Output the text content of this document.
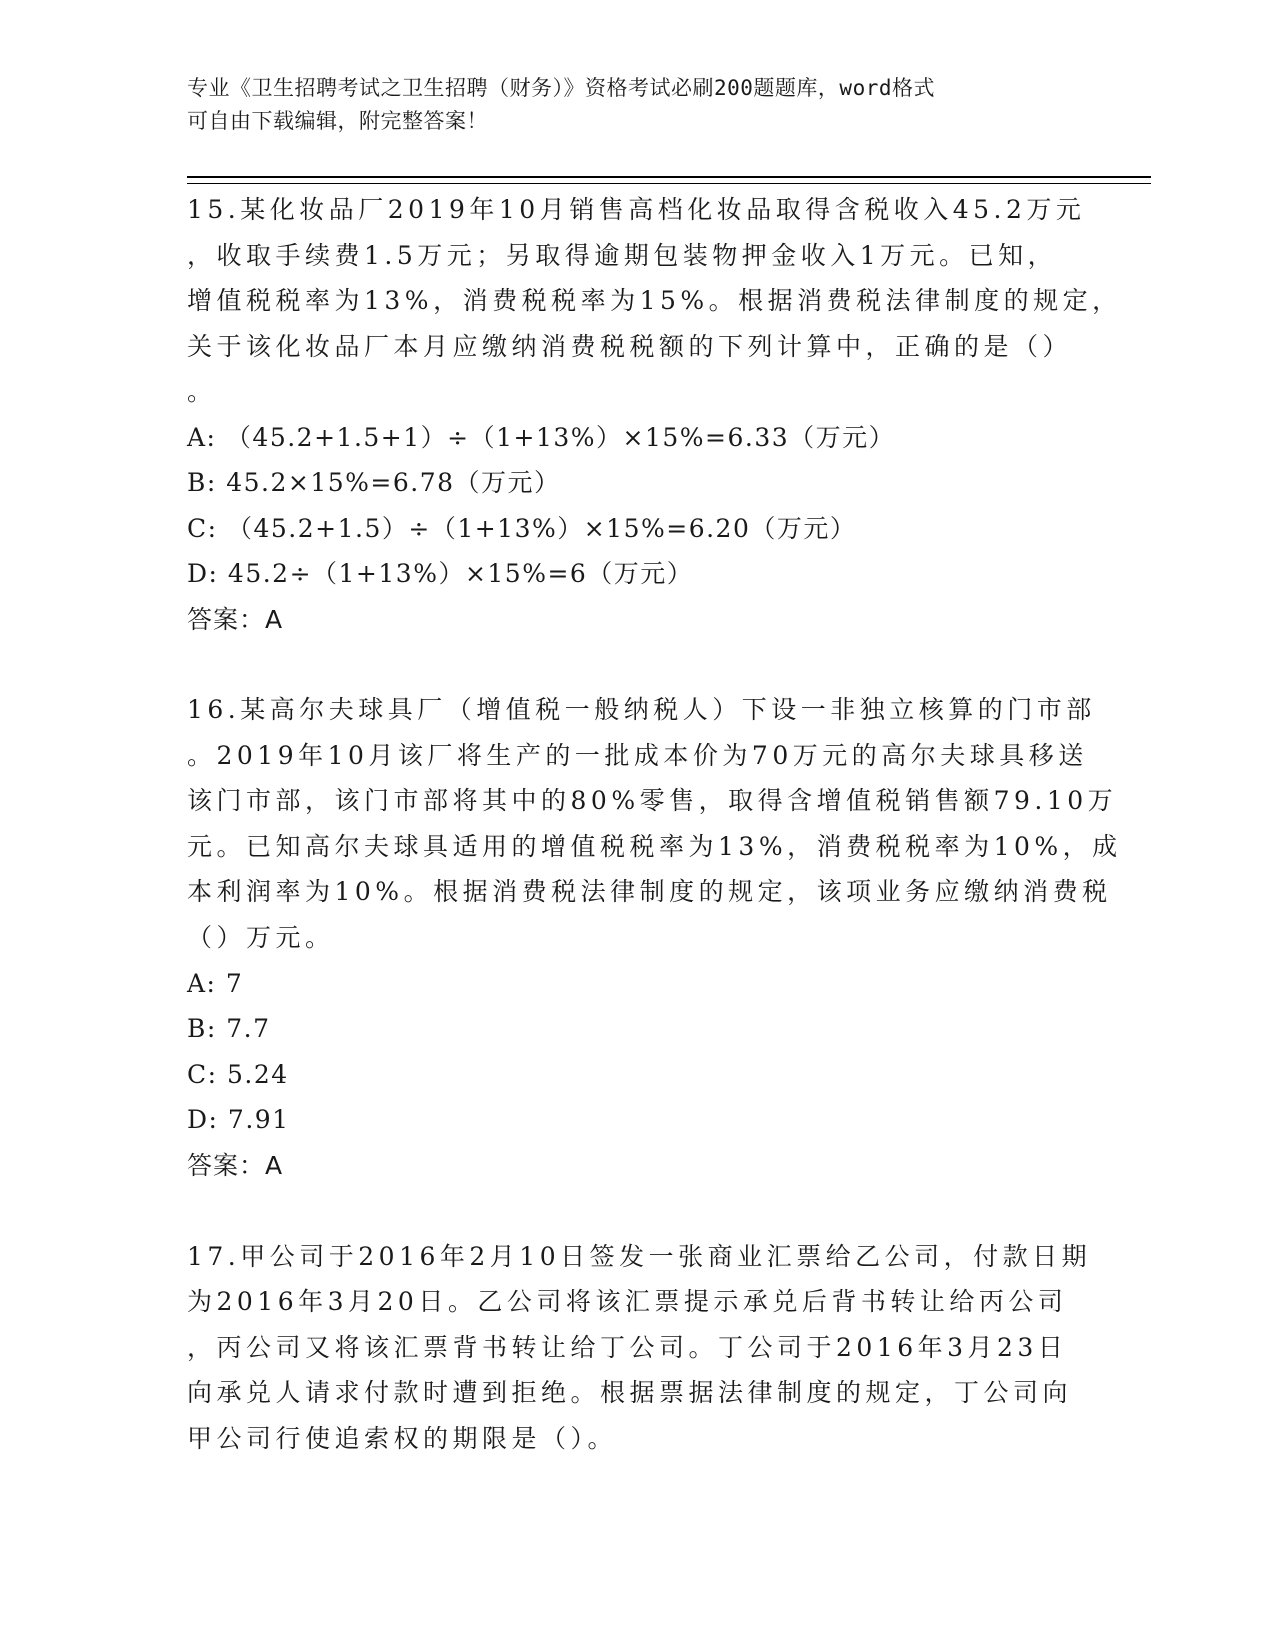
专业《卫生招聘考试之卫生招聘（财务）》资格考试必刷200题题库，word格式
可自由下载编辑，附完整答案！
15.某化妆品厂2019年10月销售高档化妆品取得含税收入45.2万元
，收取手续费1.5万元；另取得逾期包装物押金收入1万元。已知，
增值税税率为13%，消费税税率为15%。根据消费税法律制度的规定，
关于该化妆品厂本月应缴纳消费税税额的下列计算中，正确的是（）
。
A: （45.2+1.5+1）÷（1+13%）×15%=6.33（万元）
B: 45.2×15%=6.78（万元）
C: （45.2+1.5）÷（1+13%）×15%=6.20（万元）
D: 45.2÷（1+13%）×15%=6（万元）
答案：A
16.某高尔夫球具厂（增值税一般纳税人）下设一非独立核算的门市部
。2019年10月该厂将生产的一批成本价为70万元的高尔夫球具移送
该门市部，该门市部将其中的80%零售，取得含增值税销售额79.10万
元。已知高尔夫球具适用的增值税税率为13%，消费税税率为10%，成
本利润率为10%。根据消费税法律制度的规定，该项业务应缴纳消费税
（）万元。
A: 7
B: 7.7
C: 5.24
D: 7.91
答案：A
17.甲公司于2016年2月10日签发一张商业汇票给乙公司，付款日期
为2016年3月20日。乙公司将该汇票提示承兑后背书转让给丙公司
，丙公司又将该汇票背书转让给丁公司。丁公司于2016年3月23日
向承兑人请求付款时遭到拒绝。根据票据法律制度的规定，丁公司向
甲公司行使追索权的期限是（）。
